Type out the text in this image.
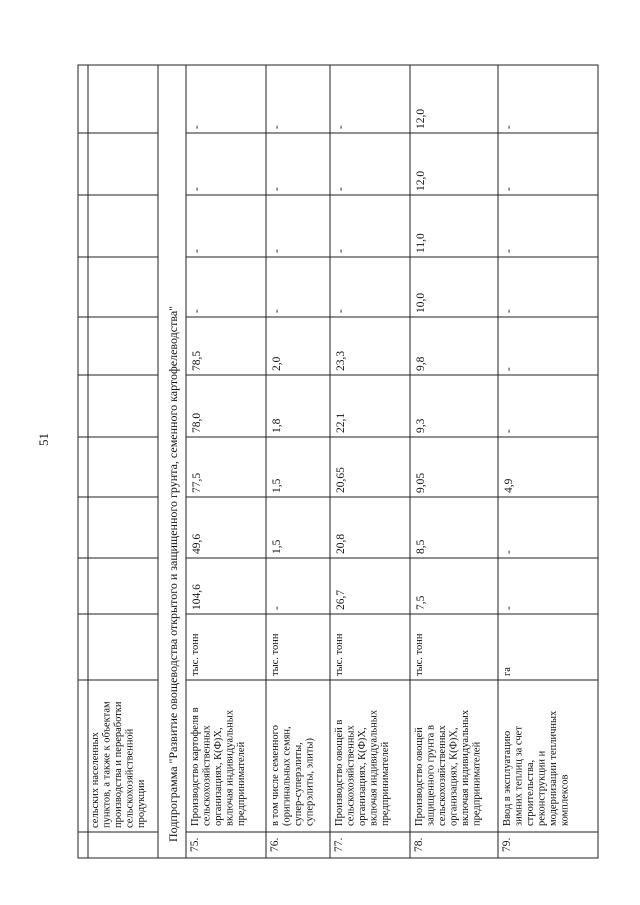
51
сельских населенных пунктов, а также к объектам производства и переработки сельскохозяйственной продукции Подпрограмма "Развитие овощеводства открытого и защищенного грунта, семенного картофелеводства"
75.
Производство картофеля в сельскохозяйственных организациях, К(Ф)Х, включая индивидуальных предпринимателей
тыс. тонн
104,6
49,6
77,5
78,0
78,5
-
-
-
-
76.
в том числе семенного (оригинальных семян, супер-суперэлиты, суперэлиты, элиты)
тыс. тонн
-
1,5
1,5
1,8
2,0
-
-
-
-
77.
Производство овощей в сельскохозяйственных организациях, К(Ф)Х, включая индивидуальных предпринимателей
тыс. тонн
26,7
20,8
20,65
22,1
23,3
-
-
-
-
78.
Производство овощей защищенного грунта в сельскохозяйственных организациях, К(Ф)Х, включая индивидуальных предпринимателей
тыс. тонн
7,5
8,5
9,05
9,3
9,8
10,0
11,0
12,0
12,0
79.
Ввод в эксплуатацию зимних теплиц за счет строительства, реконструкции и модернизации тепличных комплексов
га
-
-
4,9
-
-
-
-
-
-
